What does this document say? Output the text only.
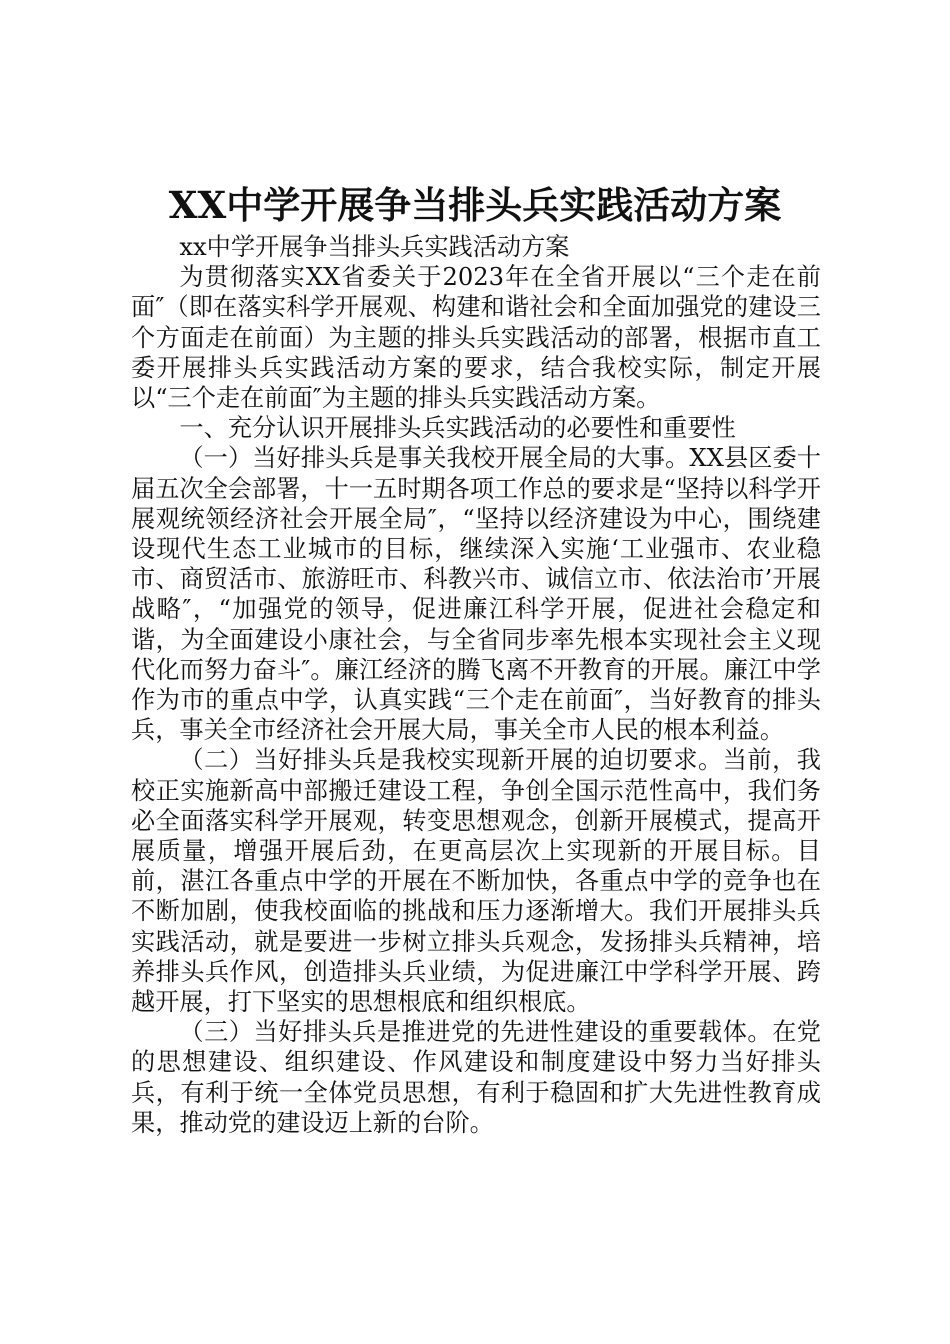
XX中学开展争当排头兵实践活动方案

xx中学开展争当排头兵实践活动方案

为贯彻落实XX省委关于2023年在全省开展以“三个走在前面″（即在落实科学开展观、构建和谐社会和全面加强党的建设三个方面走在前面）为主题的排头兵实践活动的部署，根据市直工委开展排头兵实践活动方案的要求，结合我校实际，制定开展以“三个走在前面″为主题的排头兵实践活动方案。

一、充分认识开展排头兵实践活动的必要性和重要性

（一）当好排头兵是事关我校开展全局的大事。XX县区委十届五次全会部署，十一五时期各项工作总的要求是“坚持以科学开展观统领经济社会开展全局″，“坚持以经济建设为中心，围绕建设现代生态工业城市的目标，继续深入实施‘工业强市、农业稳市、商贸活市、旅游旺市、科教兴市、诚信立市、依法治市’开展战略″，“加强党的领导，促进廉江科学开展，促进社会稳定和谐，为全面建设小康社会，与全省同步率先根本实现社会主义现代化而努力奋斗″。廉江经济的腾飞离不开教育的开展。廉江中学作为市的重点中学，认真实践“三个走在前面″，当好教育的排头兵，事关全市经济社会开展大局，事关全市人民的根本利益。

（二）当好排头兵是我校实现新开展的迫切要求。当前，我校正实施新高中部搬迁建设工程，争创全国示范性高中，我们务必全面落实科学开展观，转变思想观念，创新开展模式，提高开展质量，增强开展后劲，在更高层次上实现新的开展目标。目前，湛江各重点中学的开展在不断加快，各重点中学的竞争也在不断加剧，使我校面临的挑战和压力逐渐增大。我们开展排头兵实践活动，就是要进一步树立排头兵观念，发扬排头兵精神，培养排头兵作风，创造排头兵业绩，为促进廉江中学科学开展、跨越开展，打下坚实的思想根底和组织根底。

（三）当好排头兵是推进党的先进性建设的重要载体。在党的思想建设、组织建设、作风建设和制度建设中努力当好排头兵，有利于统一全体党员思想，有利于稳固和扩大先进性教育成果，推动党的建设迈上新的台阶。
